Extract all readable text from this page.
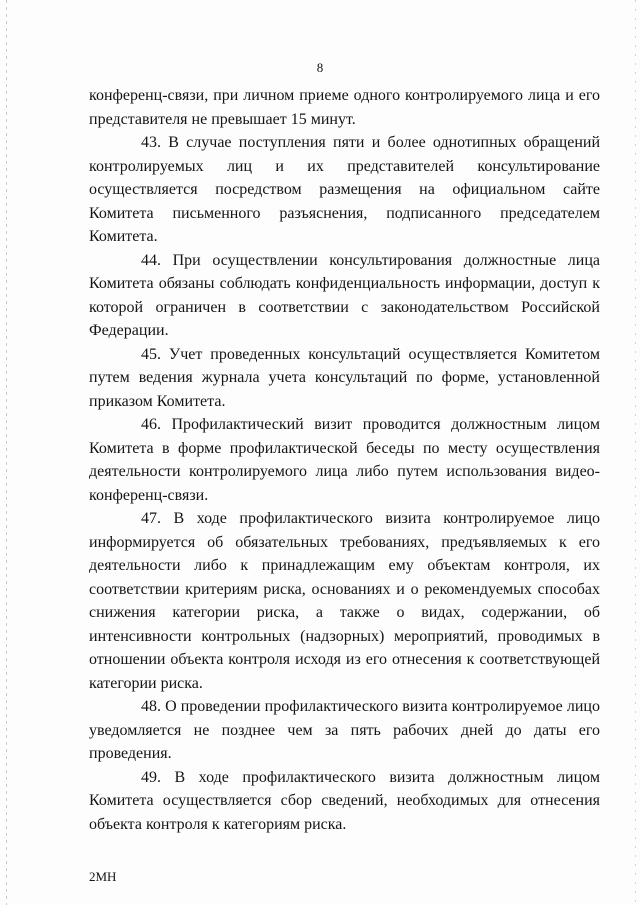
8

конференц-связи, при личном приеме одного контролируемого лица и его представителя не превышает 15 минут.

43. В случае поступления пяти и более однотипных обращений контролируемых лиц и их представителей консультирование осуществляется посредством размещения на официальном сайте Комитета письменного разъяснения, подписанного председателем Комитета.

44. При осуществлении консультирования должностные лица Комитета обязаны соблюдать конфиденциальность информации, доступ к которой ограничен в соответствии с законодательством Российской Федерации.

45. Учет проведенных консультаций осуществляется Комитетом путем ведения журнала учета консультаций по форме, установленной приказом Комитета.

46. Профилактический визит проводится должностным лицом Комитета в форме профилактической беседы по месту осуществления деятельности контролируемого лица либо путем использования видео-конференц-связи.

47. В ходе профилактического визита контролируемое лицо информируется об обязательных требованиях, предъявляемых к его деятельности либо к принадлежащим ему объектам контроля, их соответствии критериям риска, основаниях и о рекомендуемых способах снижения категории риска, а также о видах, содержании, об интенсивности контрольных (надзорных) мероприятий, проводимых в отношении объекта контроля исходя из его отнесения к соответствующей категории риска.

48. О проведении профилактического визита контролируемое лицо уведомляется не позднее чем за пять рабочих дней до даты его проведения.

49. В ходе профилактического визита должностным лицом Комитета осуществляется сбор сведений, необходимых для отнесения объекта контроля к категориям риска.

2МН
